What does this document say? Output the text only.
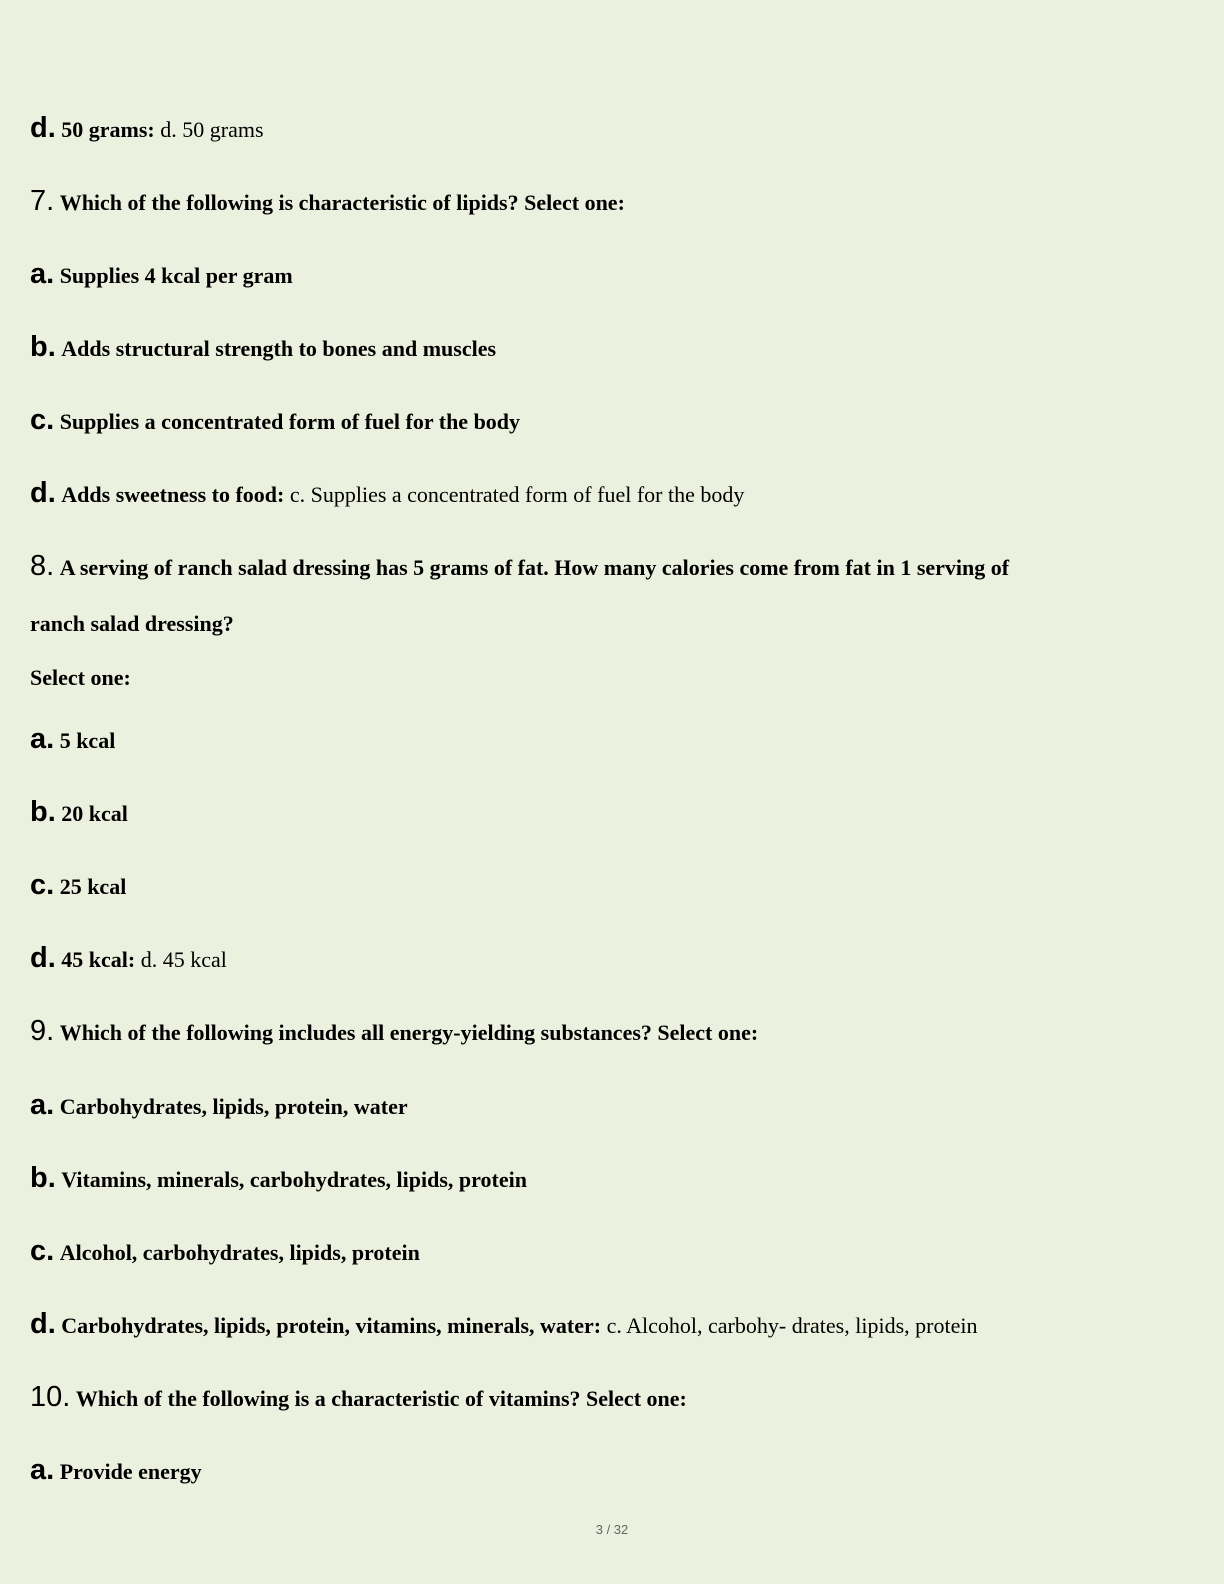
d. 50 grams: d. 50 grams
7. Which of the following is characteristic of lipids? Select one:
a. Supplies 4 kcal per gram
b. Adds structural strength to bones and muscles
c. Supplies a concentrated form of fuel for the body
d. Adds sweetness to food: c. Supplies a concentrated form of fuel for the body
8. A serving of ranch salad dressing has 5 grams of fat. How many calories come from fat in 1 serving of
ranch salad dressing?
Select one:
a. 5 kcal
b. 20 kcal
c. 25 kcal
d. 45 kcal: d. 45 kcal
9. Which of the following includes all energy-yielding substances? Select one:
a. Carbohydrates, lipids, protein, water
b. Vitamins, minerals, carbohydrates, lipids, protein
c. Alcohol, carbohydrates, lipids, protein
d. Carbohydrates, lipids, protein, vitamins, minerals, water: c. Alcohol, carbohy- drates, lipids, protein
10. Which of the following is a characteristic of vitamins? Select one:
a. Provide energy
3 / 32
